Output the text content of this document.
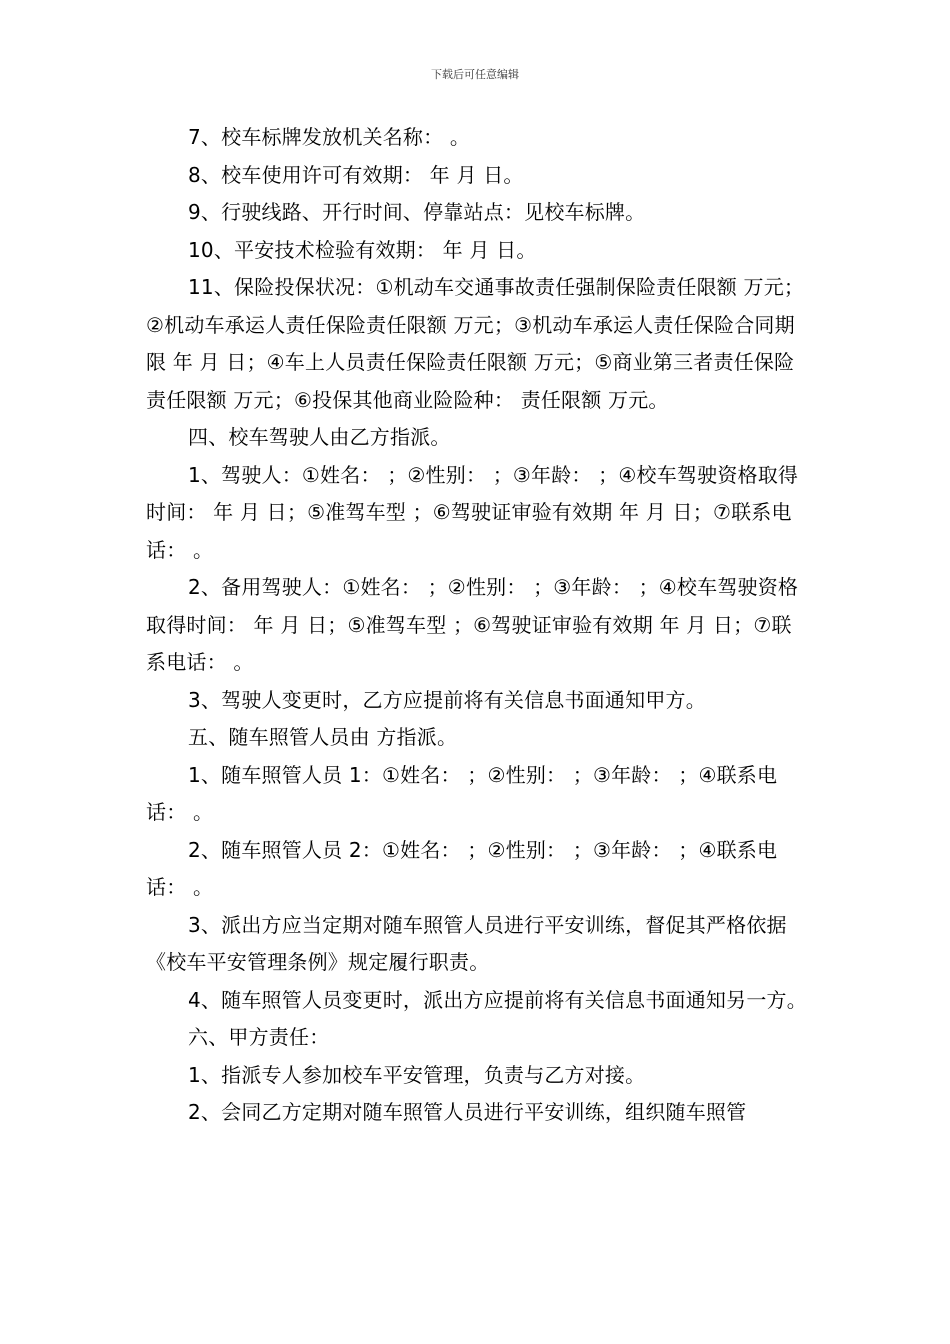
下载后可任意编辑

7、校车标牌发放机关名称： 。

8、校车使用许可有效期： 年 月 日。

9、行驶线路、开行时间、停靠站点：见校车标牌。

10、平安技术检验有效期： 年 月 日。

11、保险投保状况：①机动车交通事故责任强制保险责任限额 万元；②机动车承运人责任保险责任限额 万元；③机动车承运人责任保险合同期限 年 月 日；④车上人员责任保险责任限额 万元；⑤商业第三者责任保险责任限额 万元；⑥投保其他商业险险种： 责任限额 万元。

四、校车驾驶人由乙方指派。

1、驾驶人：①姓名： ；②性别： ；③年龄： ；④校车驾驶资格取得时间： 年 月 日；⑤准驾车型 ；⑥驾驶证审验有效期 年 月 日；⑦联系电话： 。

2、备用驾驶人：①姓名： ；②性别： ；③年龄： ；④校车驾驶资格取得时间： 年 月 日；⑤准驾车型 ；⑥驾驶证审验有效期 年 月 日；⑦联系电话： 。

3、驾驶人变更时，乙方应提前将有关信息书面通知甲方。

五、随车照管人员由 方指派。

1、随车照管人员 1：①姓名： ；②性别： ；③年龄： ；④联系电话： 。

2、随车照管人员 2：①姓名： ；②性别： ；③年龄： ；④联系电话： 。

3、派出方应当定期对随车照管人员进行平安训练，督促其严格依据《校车平安管理条例》规定履行职责。

4、随车照管人员变更时，派出方应提前将有关信息书面通知另一方。

六、甲方责任：

1、指派专人参加校车平安管理，负责与乙方对接。

2、会同乙方定期对随车照管人员进行平安训练，组织随车照管
